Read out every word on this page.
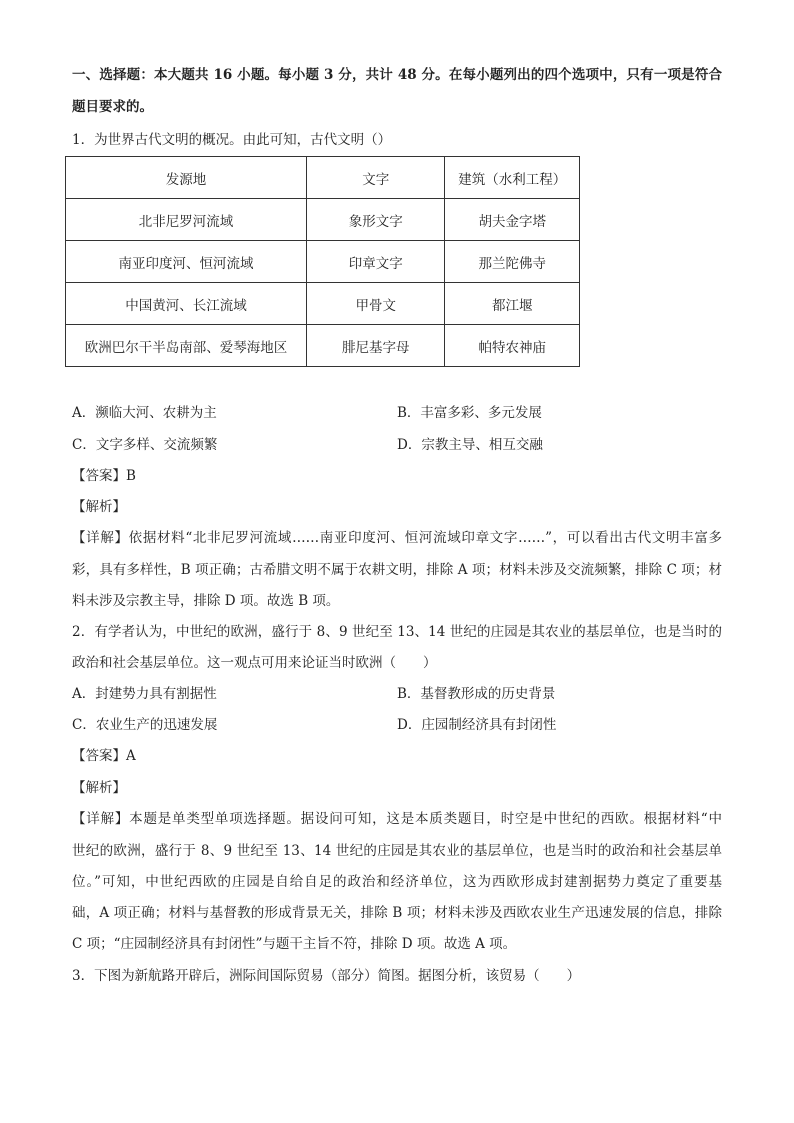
一、选择题：本大题共 16 小题。每小题 3 分，共计 48 分。在每小题列出的四个选项中，只有一项是符合
题目要求的。
1．为世界古代文明的概况。由此可知，古代文明（）
发源地	文字	建筑（水利工程）
北非尼罗河流域	象形文字	胡夫金字塔
南亚印度河、恒河流域	印章文字	那兰陀佛寺
中国黄河、长江流域	甲骨文	都江堰
欧洲巴尔干半岛南部、爱琴海地区	腓尼基字母	帕特农神庙
A．濒临大河、农耕为主	B．丰富多彩、多元发展
C．文字多样、交流频繁	D．宗教主导、相互交融
【答案】B
【解析】
【详解】依据材料“北非尼罗河流域……南亚印度河、恒河流域印章文字……”，可以看出古代文明丰富多
彩，具有多样性，B 项正确；古希腊文明不属于农耕文明，排除 A 项；材料未涉及交流频繁，排除 C 项；材
料未涉及宗教主导，排除 D 项。故选 B 项。
2．有学者认为，中世纪的欧洲，盛行于 8、9 世纪至 13、14 世纪的庄园是其农业的基层单位，也是当时的
政治和社会基层单位。这一观点可用来论证当时欧洲（　　）
A．封建势力具有割据性	B．基督教形成的历史背景
C．农业生产的迅速发展	D．庄园制经济具有封闭性
【答案】A
【解析】
【详解】本题是单类型单项选择题。据设问可知，这是本质类题目，时空是中世纪的西欧。根据材料“中
世纪的欧洲，盛行于 8、9 世纪至 13、14 世纪的庄园是其农业的基层单位，也是当时的政治和社会基层单
位。”可知，中世纪西欧的庄园是自给自足的政治和经济单位，这为西欧形成封建割据势力奠定了重要基
础，A 项正确；材料与基督教的形成背景无关，排除 B 项；材料未涉及西欧农业生产迅速发展的信息，排除
C 项；“庄园制经济具有封闭性”与题干主旨不符，排除 D 项。故选 A 项。
3．下图为新航路开辟后，洲际间国际贸易（部分）简图。据图分析，该贸易（　　）
